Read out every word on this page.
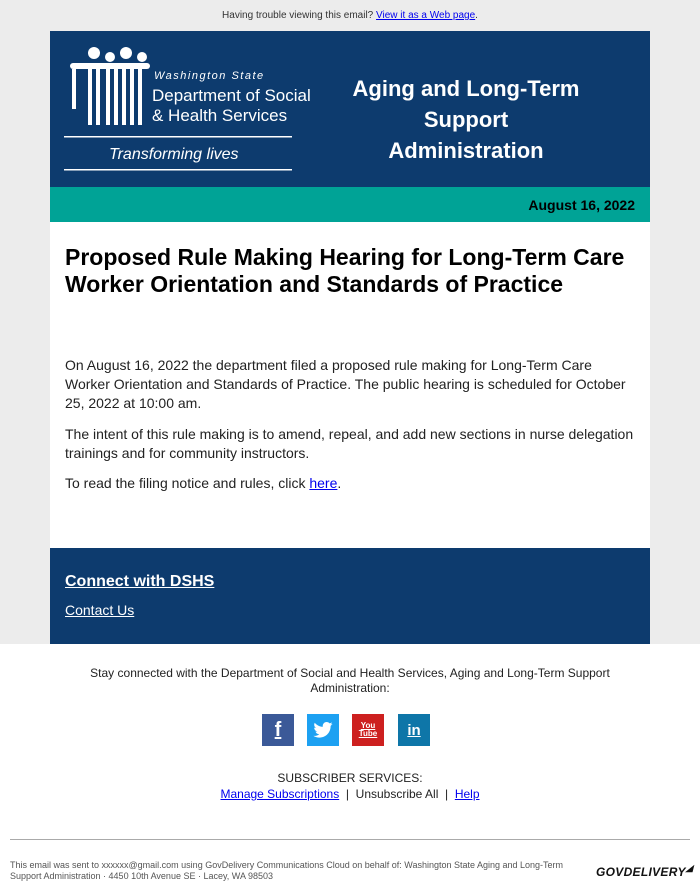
Having trouble viewing this email? View it as a Web page.
Washington State
Department of Social
& Health Services
Transforming lives
Aging and Long-Term Support
Administration
August 16, 2022
Proposed Rule Making Hearing for Long-Term Care Worker Orientation and Standards of Practice

On August 16, 2022 the department filed a proposed rule making for Long-Term Care Worker Orientation and Standards of Practice. The public hearing is scheduled for October 25, 2022 at 10:00 am.

The intent of this rule making is to amend, repeal, and add new sections in nurse delegation trainings and for community instructors.

To read the filing notice and rules, click here.

Connect with DSHS
Contact Us
Stay connected with the Department of Social and Health Services, Aging and Long-Term Support Administration:
f	You
Tube in
SUBSCRIBER SERVICES:
Manage Subscriptions  |  Unsubscribe All  |  Help
This email was sent to xxxxxx@gmail.com using GovDelivery Communications Cloud on behalf of: Washington State Aging and Long-Term Support Administration · 4450 10th Avenue SE · Lacey, WA 98503	GOVDELIVERY◢
